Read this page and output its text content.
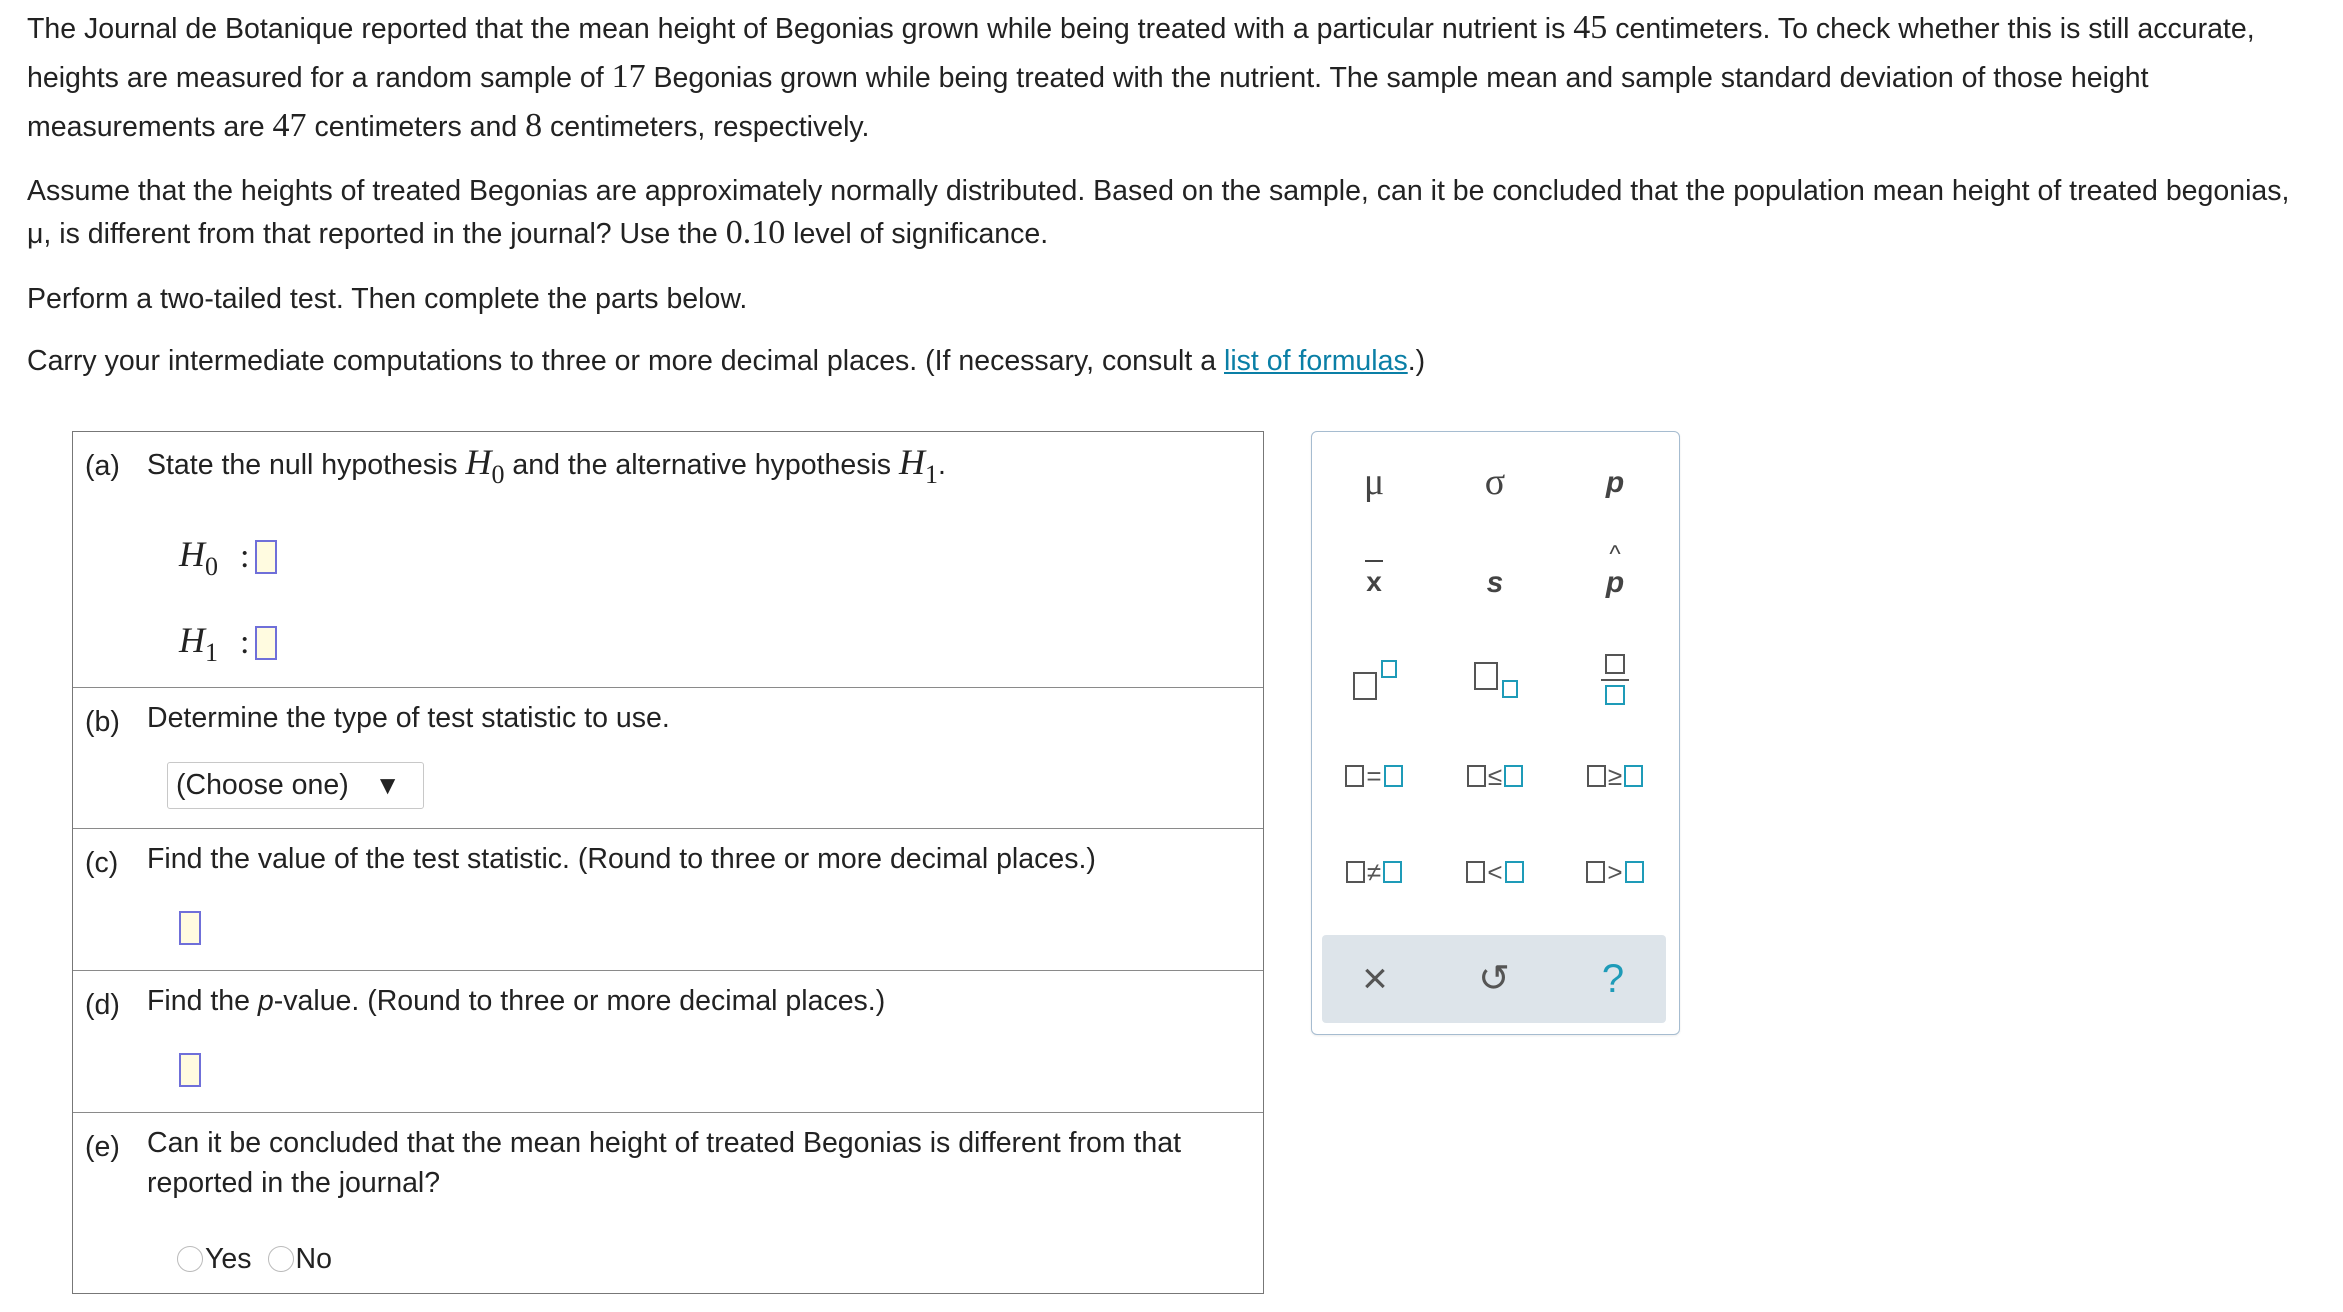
The Journal de Botanique reported that the mean height of Begonias grown while being treated with a particular nutrient is 45 centimeters. To check whether this is still accurate, heights are measured for a random sample of 17 Begonias grown while being treated with the nutrient. The sample mean and sample standard deviation of those height measurements are 47 centimeters and 8 centimeters, respectively.

Assume that the heights of treated Begonias are approximately normally distributed. Based on the sample, can it be concluded that the population mean height of treated begonias, μ, is different from that reported in the journal? Use the 0.10 level of significance.

Perform a two-tailed test. Then complete the parts below.

Carry your intermediate computations to three or more decimal places. (If necessary, consult a list of formulas.)

(a) State the null hypothesis $H_0$ and the alternative hypothesis $H_1$.
$H_0$ :
$H_1$ :
(b) Determine the type of test statistic to use.
(Choose one) ▼
(c) Find the value of the test statistic. (Round to three or more decimal places.)
(d) Find the p-value. (Round to three or more decimal places.)
(e) Can it be concluded that the mean height of treated Begonias is different from that reported in the journal?
Yes No
μ	σ	p
x	s
^
p
=	≤	≥
≠	<	>
× ↺ ?
